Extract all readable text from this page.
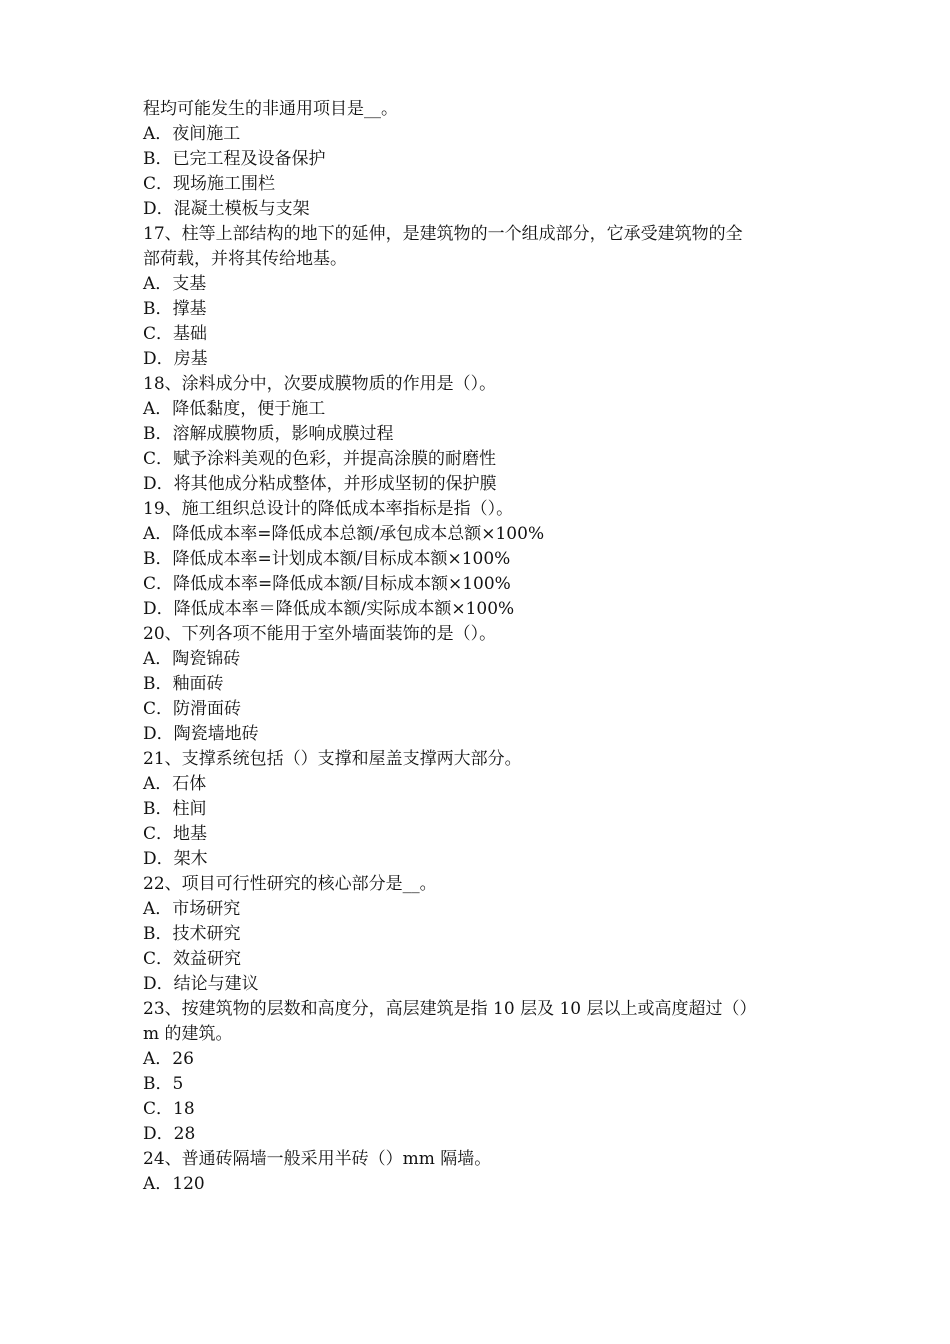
程均可能发生的非通用项目是__。
A．夜间施工
B．已完工程及设备保护
C．现场施工围栏
D．混凝土模板与支架
17、柱等上部结构的地下的延伸，是建筑物的一个组成部分，它承受建筑物的全
部荷载，并将其传给地基。
A．支基
B．撑基
C．基础
D．房基
18、涂料成分中，次要成膜物质的作用是（）。
A．降低黏度，便于施工
B．溶解成膜物质，影响成膜过程
C．赋予涂料美观的色彩，并提高涂膜的耐磨性
D．将其他成分粘成整体，并形成坚韧的保护膜
19、施工组织总设计的降低成本率指标是指（）。
A．降低成本率=降低成本总额/承包成本总额×100%
B．降低成本率=计划成本额/目标成本额×100%
C．降低成本率=降低成本额/目标成本额×100%
D．降低成本率＝降低成本额/实际成本额×100%
20、下列各项不能用于室外墙面装饰的是（）。
A．陶瓷锦砖
B．釉面砖
C．防滑面砖
D．陶瓷墙地砖
21、支撑系统包括（）支撑和屋盖支撑两大部分。
A．石体
B．柱间
C．地基
D．架木
22、项目可行性研究的核心部分是__。
A．市场研究
B．技术研究
C．效益研究
D．结论与建议
23、按建筑物的层数和高度分，高层建筑是指 10 层及 10 层以上或高度超过（）
m 的建筑。
A．26
B．5
C．18
D．28
24、普通砖隔墙一般采用半砖（）mm 隔墙。
A．120
